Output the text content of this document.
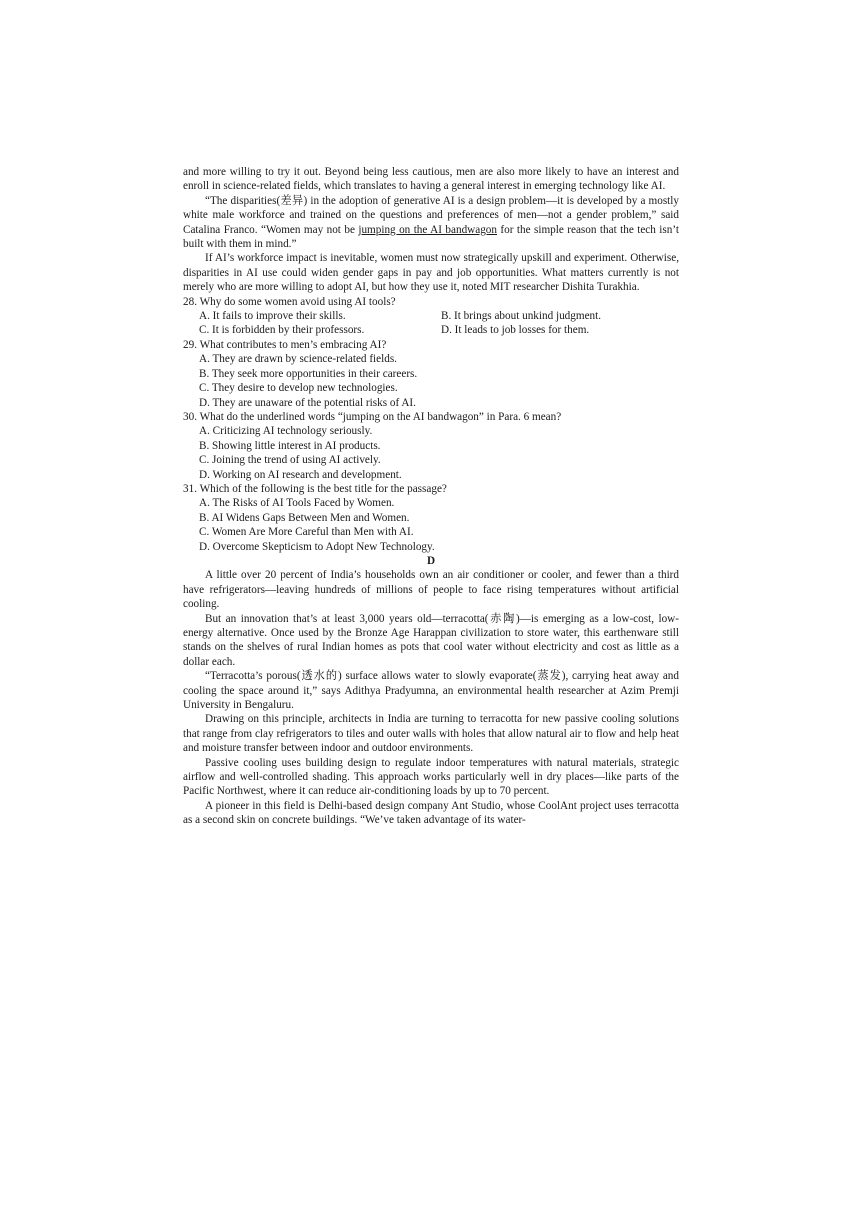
and more willing to try it out. Beyond being less cautious, men are also more likely to have an interest and enroll in science-related fields, which translates to having a general interest in emerging technology like AI.

“The disparities(差异) in the adoption of generative AI is a design problem—it is developed by a mostly white male workforce and trained on the questions and preferences of men—not a gender problem,” said Catalina Franco. “Women may not be jumping on the AI bandwagon for the simple reason that the tech isn’t built with them in mind.”

If AI’s workforce impact is inevitable, women must now strategically upskill and experiment. Otherwise, disparities in AI use could widen gender gaps in pay and job opportunities. What matters currently is not merely who are more willing to adopt AI, but how they use it, noted MIT researcher Dishita Turakhia.

28. Why do some women avoid using AI tools?

A. It fails to improve their skills.	B. It brings about unkind judgment.
C. It is forbidden by their professors.	D. It leads to job losses for them.

29. What contributes to men’s embracing AI?

A. They are drawn by science-related fields.
B. They seek more opportunities in their careers.
C. They desire to develop new technologies.
D. They are unaware of the potential risks of AI.

30. What do the underlined words “jumping on the AI bandwagon” in Para. 6 mean?

A. Criticizing AI technology seriously.
B. Showing little interest in AI products.
C. Joining the trend of using AI actively.
D. Working on AI research and development.

31. Which of the following is the best title for the passage?

A. The Risks of AI Tools Faced by Women.
B. AI Widens Gaps Between Men and Women.
C. Women Are More Careful than Men with AI.
D. Overcome Skepticism to Adopt New Technology.

D

A little over 20 percent of India’s households own an air conditioner or cooler, and fewer than a third have refrigerators—leaving hundreds of millions of people to face rising temperatures without artificial cooling.

But an innovation that’s at least 3,000 years old—terracotta(赤陶)—is emerging as a low-cost, low-energy alternative. Once used by the Bronze Age Harappan civilization to store water, this earthenware still stands on the shelves of rural Indian homes as pots that cool water without electricity and cost as little as a dollar each.

“Terracotta’s porous(透水的) surface allows water to slowly evaporate(蒸发), carrying heat away and cooling the space around it,” says Adithya Pradyumna, an environmental health researcher at Azim Premji University in Bengaluru.

Drawing on this principle, architects in India are turning to terracotta for new passive cooling solutions that range from clay refrigerators to tiles and outer walls with holes that allow natural air to flow and help heat and moisture transfer between indoor and outdoor environments.

Passive cooling uses building design to regulate indoor temperatures with natural materials, strategic airflow and well-controlled shading. This approach works particularly well in dry places—like parts of the Pacific Northwest, where it can reduce air-conditioning loads by up to 70 percent.

A pioneer in this field is Delhi-based design company Ant Studio, whose CoolAnt project uses terracotta as a second skin on concrete buildings. “We’ve taken advantage of its water-
